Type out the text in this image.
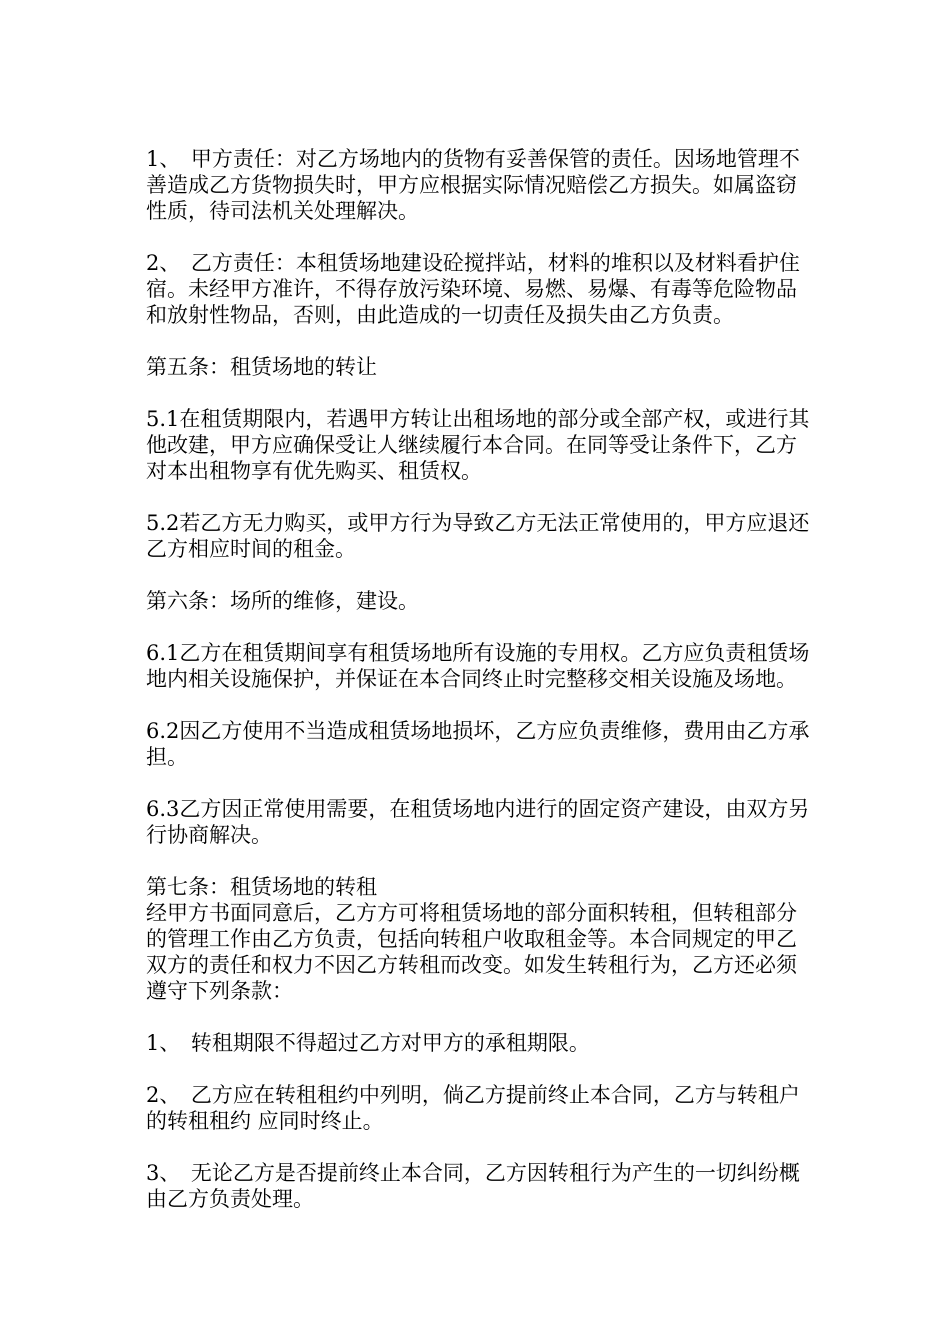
1、　甲方责任：对乙方场地内的货物有妥善保管的责任。因场地管理不善造成乙方货物损失时，甲方应根据实际情况赔偿乙方损失。如属盗窃性质，待司法机关处理解决。

2、　乙方责任：本租赁场地建设砼搅拌站，材料的堆积以及材料看护住宿。未经甲方准许，不得存放污染环境、易燃、易爆、有毒等危险物品和放射性物品，否则，由此造成的一切责任及损失由乙方负责。

第五条：租赁场地的转让

5.1在租赁期限内，若遇甲方转让出租场地的部分或全部产权，或进行其他改建，甲方应确保受让人继续履行本合同。在同等受让条件下，乙方对本出租物享有优先购买、租赁权。

5.2若乙方无力购买，或甲方行为导致乙方无法正常使用的，甲方应退还乙方相应时间的租金。

第六条：场所的维修，建设。

6.1乙方在租赁期间享有租赁场地所有设施的专用权。乙方应负责租赁场地内相关设施保护，并保证在本合同终止时完整移交相关设施及场地。

6.2因乙方使用不当造成租赁场地损坏，乙方应负责维修，费用由乙方承担。

6.3乙方因正常使用需要，在租赁场地内进行的固定资产建设，由双方另行协商解决。

第七条：租赁场地的转租

经甲方书面同意后，乙方方可将租赁场地的部分面积转租，但转租部分的管理工作由乙方负责，包括向转租户收取租金等。本合同规定的甲乙双方的责任和权力不因乙方转租而改变。如发生转租行为，乙方还必须遵守下列条款：

1、　转租期限不得超过乙方对甲方的承租期限。

2、　乙方应在转租租约中列明，倘乙方提前终止本合同，乙方与转租户的转租租约 应同时终止。

3、　无论乙方是否提前终止本合同，乙方因转租行为产生的一切纠纷概由乙方负责处理。
